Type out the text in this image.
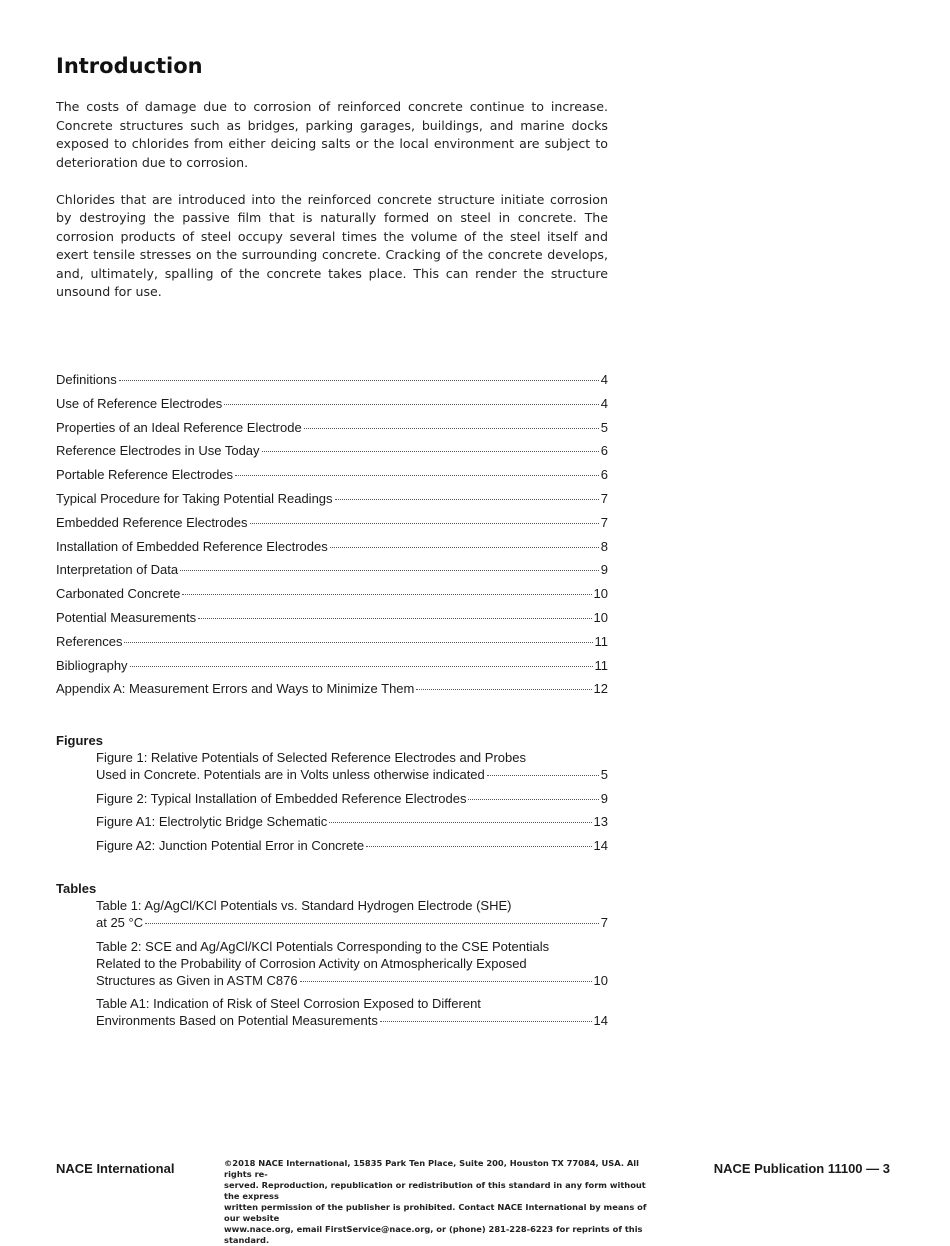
Introduction

The costs of damage due to corrosion of reinforced concrete continue to increase. Concrete structures such as bridges, parking garages, buildings, and marine docks exposed to chlorides from either deicing salts or the local environment are subject to deterioration due to corrosion.

Chlorides that are introduced into the reinforced concrete structure initiate corrosion by destroying the passive film that is naturally formed on steel in concrete. The corrosion products of steel occupy several times the volume of the steel itself and exert tensile stresses on the surrounding concrete. Cracking of the concrete develops, and, ultimately, spalling of the concrete takes place. This can render the structure unsound for use.

Definitions	4
Use of Reference Electrodes	4
Properties of an Ideal Reference Electrode	5
Reference Electrodes in Use Today	6
Portable Reference Electrodes	6
Typical Procedure for Taking Potential Readings	7
Embedded Reference Electrodes	7
Installation of Embedded Reference Electrodes	8
Interpretation of Data	9
Carbonated Concrete	10
Potential Measurements	10
References	11
Bibliography	11
Appendix A: Measurement Errors and Ways to Minimize Them	12
Figures
Figure 1: Relative Potentials of Selected Reference Electrodes and Probes
Used in Concrete. Potentials are in Volts unless otherwise indicated	5
Figure 2: Typical Installation of Embedded Reference Electrodes	9
Figure A1: Electrolytic Bridge Schematic	13
Figure A2: Junction Potential Error in Concrete	14
Tables
Table 1: Ag/AgCl/KCl Potentials vs. Standard Hydrogen Electrode (SHE)
at 25 °C	7
Table 2: SCE and Ag/AgCl/KCl Potentials Corresponding to the CSE Potentials
Related to the Probability of Corrosion Activity on Atmospherically Exposed
Structures as Given in ASTM C876	10
Table A1: Indication of Risk of Steel Corrosion Exposed to Different
Environments Based on Potential Measurements	14
NACE International	©2018 NACE International, 15835 Park Ten Place, Suite 200, Houston TX 77084, USA. All rights re-
served. Reproduction, republication or redistribution of this standard in any form without the express
written permission of the publisher is prohibited. Contact NACE International by means of our website
www.nace.org, email FirstService@nace.org, or (phone) 281-228-6223 for reprints of this standard.
NACE Publication 11100 — 3
